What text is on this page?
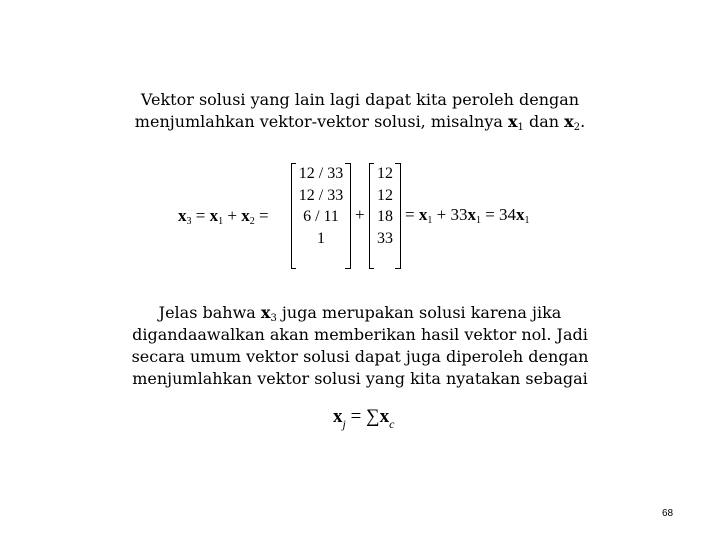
Vektor solusi yang lain lagi dapat kita peroleh dengan
menjumlahkan vektor-vektor solusi, misalnya $x_1$ dan $x_2$.
$x_3 = x_1 + x_2$ =
12 / 33
12 / 33
6 / 11
1
+
12
12
18
33
= $x_1 + 33x_1 = 34x_1$
Jelas bahwa $x_3$ juga merupakan solusi karena jika
digandaawalkan akan memberikan hasil vektor nol. Jadi
secara umum vektor solusi dapat juga diperoleh dengan
menjumlahkan vektor solusi yang kita nyatakan sebagai
$x_j = \sum x_c$
68
